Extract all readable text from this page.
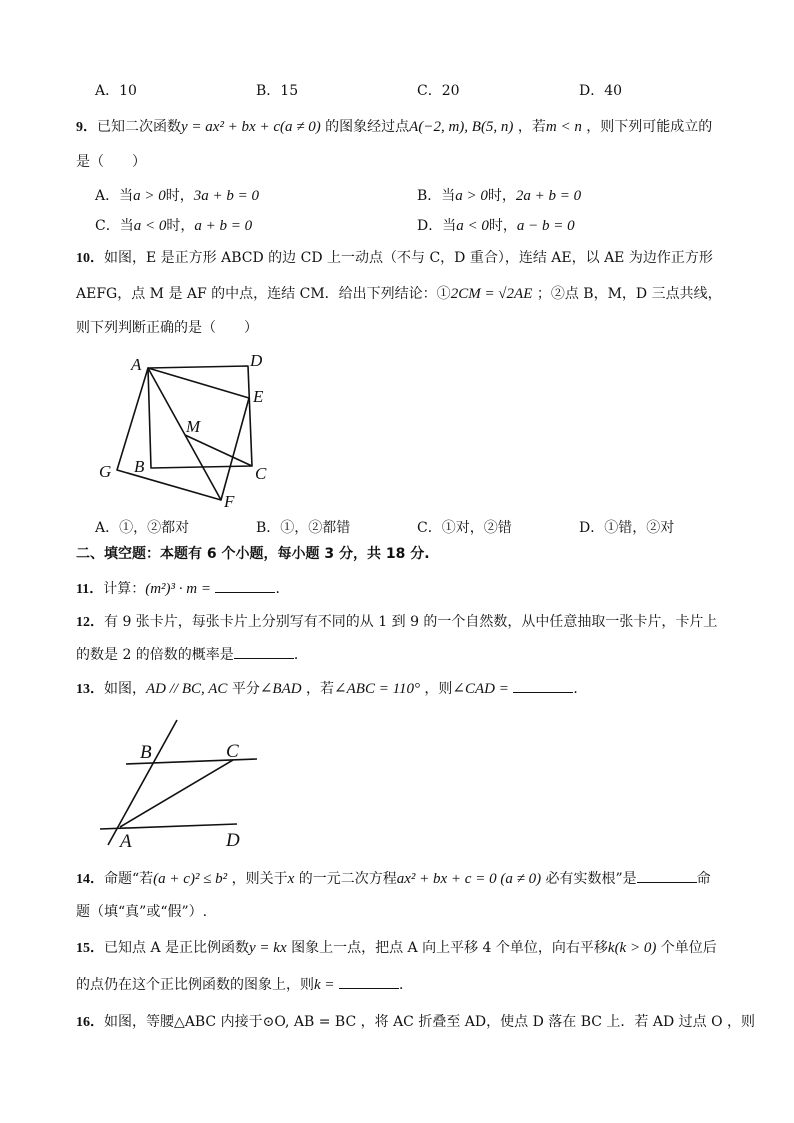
A．10	B．15	C．20	D．40
9．已知二次函数y = ax² + bx + c(a ≠ 0) 的图象经过点A(−2, m), B(5, n) ，若m < n ，则下列可能成立的
是（　　）
A．当a > 0时，3a + b = 0	B．当a > 0时，2a + b = 0
C．当a < 0时，a + b = 0	D．当a < 0时，a − b = 0
10．如图，E 是正方形 ABCD 的边 CD 上一动点（不与 C，D 重合），连结 AE，以 AE 为边作正方形
AEFG，点 M 是 AF 的中点，连结 CM．给出下列结论：①2CM = √2AE ；②点 B，M，D 三点共线，
则下列判断正确的是（　　）
A	D
E
M
B	C
G
F
A．①，②都对	B．①，②都错	C．①对，②错	D．①错，②对
二、填空题：本题有 6 个小题，每小题 3 分，共 18 分.
11．计算：(m²)³ · m =	．
12．有 9 张卡片，每张卡片上分别写有不同的从 1 到 9 的一个自然数，从中任意抽取一张卡片，卡片上
的数是 2 的倍数的概率是	．
13．如图，AD // BC, AC 平分∠BAD ，若∠ABC = 110° ，则∠CAD =	．
B	C
A	D
14．命题“若(a + c)² ≤ b² ，则关于x 的一元二次方程ax² + bx + c = 0 (a ≠ 0) 必有实数根”是	命
题（填“真”或“假”）.
15．已知点 A 是正比例函数y = kx 图象上一点，把点 A 向上平移 4 个单位，向右平移k(k > 0) 个单位后
的点仍在这个正比例函数的图象上，则k =	．
16．如图，等腰△ABC 内接于⊙O, AB = BC ，将 AC 折叠至 AD，使点 D 落在 BC 上．若 AD 过点 O ，则
